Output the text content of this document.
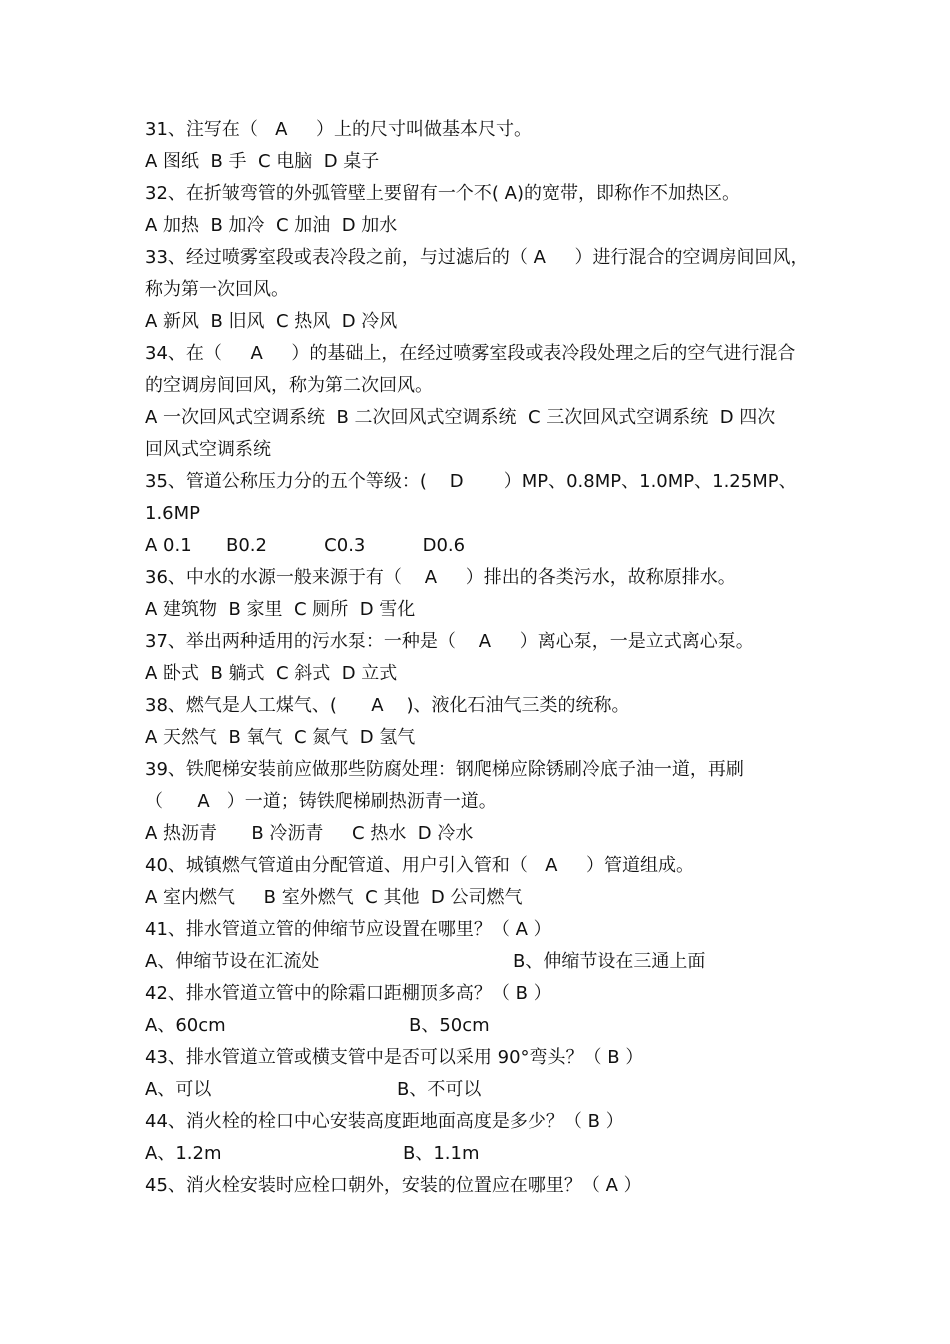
31、注写在（   A     ）上的尺寸叫做基本尺寸。
A 图纸  B 手  C 电脑  D 桌子
32、在折皱弯管的外弧管壁上要留有一个不( A)的宽带，即称作不加热区。
A 加热  B 加冷  C 加油  D 加水
33、经过喷雾室段或表冷段之前，与过滤后的（ A     ）进行混合的空调房间回风，
称为第一次回风。
A 新风  B 旧风  C 热风  D 冷风
34、在（     A     ）的基础上，在经过喷雾室段或表冷段处理之后的空气进行混合
的空调房间回风，称为第二次回风。
A 一次回风式空调系统  B 二次回风式空调系统  C 三次回风式空调系统  D 四次
回风式空调系统
35、管道公称压力分的五个等级：(    D       ）MP、0.8MP、1.0MP、1.25MP、
1.6MP
A 0.1      B0.2          C0.3          D0.6
36、中水的水源一般来源于有（    A     ）排出的各类污水，故称原排水。
A 建筑物  B 家里  C 厕所  D 雪化
37、举出两种适用的污水泵：一种是（    A     ）离心泵，一是立式离心泵。
A 卧式  B 躺式  C 斜式  D 立式
38、燃气是人工煤气、(      A    )、液化石油气三类的统称。
A 天然气  B 氧气  C 氮气  D 氢气
39、铁爬梯安装前应做那些防腐处理：钢爬梯应除锈刷冷底子油一道，再刷
（      A   ）一道；铸铁爬梯刷热沥青一道。
A 热沥青      B 冷沥青     C 热水  D 冷水
40、城镇燃气管道由分配管道、用户引入管和（   A     ）管道组成。
A 室内燃气     B 室外燃气  C 其他  D 公司燃气
41、排水管道立管的伸缩节应设置在哪里？（ A ）
A、伸缩节设在汇流处	B、伸缩节设在三通上面
42、排水管道立管中的除霜口距棚顶多高？（ B ）
A、60cm	B、50cm
43、排水管道立管或横支管中是否可以采用 90°弯头？（ B ）
A、可以	B、不可以
44、消火栓的栓口中心安装高度距地面高度是多少？（ B ）
A、1.2m	B、1.1m
45、消火栓安装时应栓口朝外，安装的位置应在哪里？（ A ）
